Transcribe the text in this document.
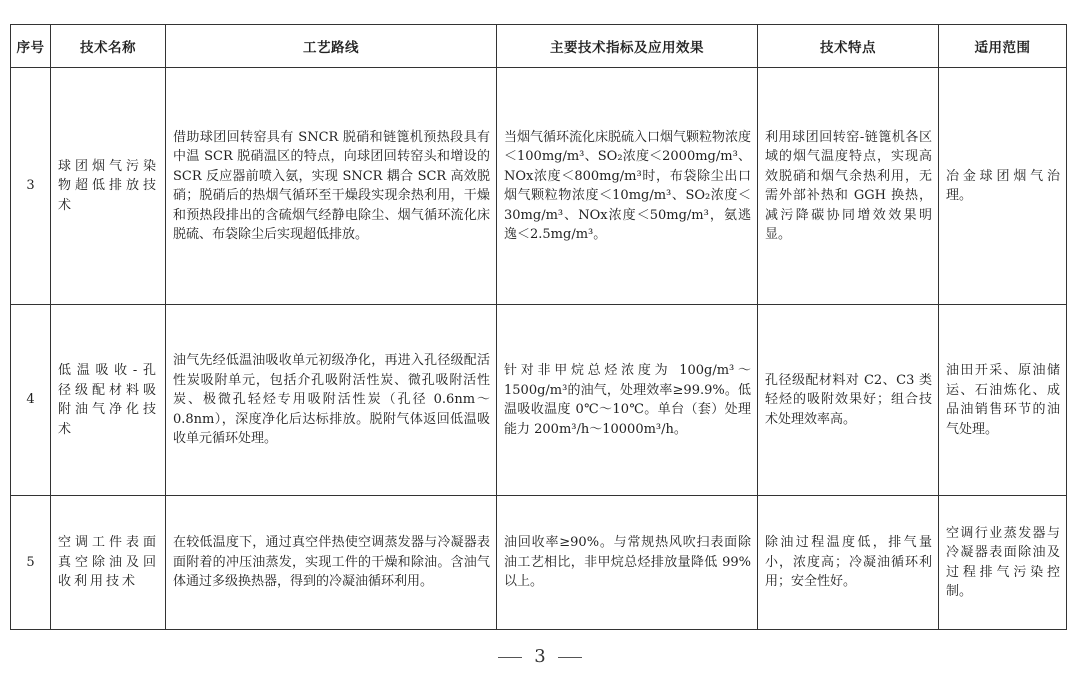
序号	技术名称	工艺路线	主要技术指标及应用效果	技术特点	适用范围
3	球团烟气污染物超低排放技术	借助球团回转窑具有 SNCR 脱硝和链篦机预热段具有中温 SCR 脱硝温区的特点，向球团回转窑头和增设的 SCR 反应器前喷入氨，实现 SNCR 耦合 SCR 高效脱硝；脱硝后的热烟气循环至干燥段实现余热利用，干燥和预热段排出的含硫烟气经静电除尘、烟气循环流化床脱硫、布袋除尘后实现超低排放。	当烟气循环流化床脱硫入口烟气颗粒物浓度＜100mg/m³、SO₂浓度＜2000mg/m³、NOx浓度＜800mg/m³时，布袋除尘出口烟气颗粒物浓度＜10mg/m³、SO₂浓度＜30mg/m³、NOx浓度＜50mg/m³，氨逃逸＜2.5mg/m³。	利用球团回转窑-链篦机各区域的烟气温度特点，实现高效脱硝和烟气余热利用，无需外部补热和 GGH 换热，减污降碳协同增效效果明显。	冶金球团烟气治理。
4	低温吸收-孔径级配材料吸附油气净化技术	油气先经低温油吸收单元初级净化，再进入孔径级配活性炭吸附单元，包括介孔吸附活性炭、微孔吸附活性炭、极微孔轻烃专用吸附活性炭（孔径 0.6nm～0.8nm），深度净化后达标排放。脱附气体返回低温吸收单元循环处理。	针对非甲烷总烃浓度为 100g/m³～1500g/m³的油气，处理效率≥99.9%。低温吸收温度 0℃～10℃。单台（套）处理能力 200m³/h～10000m³/h。	孔径级配材料对 C2、C3 类轻烃的吸附效果好；组合技术处理效率高。	油田开采、原油储运、石油炼化、成品油销售环节的油气处理。
5	空调工件表面真空除油及回收利用技术	在较低温度下，通过真空伴热使空调蒸发器与冷凝器表面附着的冲压油蒸发，实现工件的干燥和除油。含油气体通过多级换热器，得到的冷凝油循环利用。	油回收率≥90%。与常规热风吹扫表面除油工艺相比，非甲烷总烃排放量降低 99%以上。	除油过程温度低，排气量小，浓度高；冷凝油循环利用；安全性好。	空调行业蒸发器与冷凝器表面除油及过程排气污染控制。
3
